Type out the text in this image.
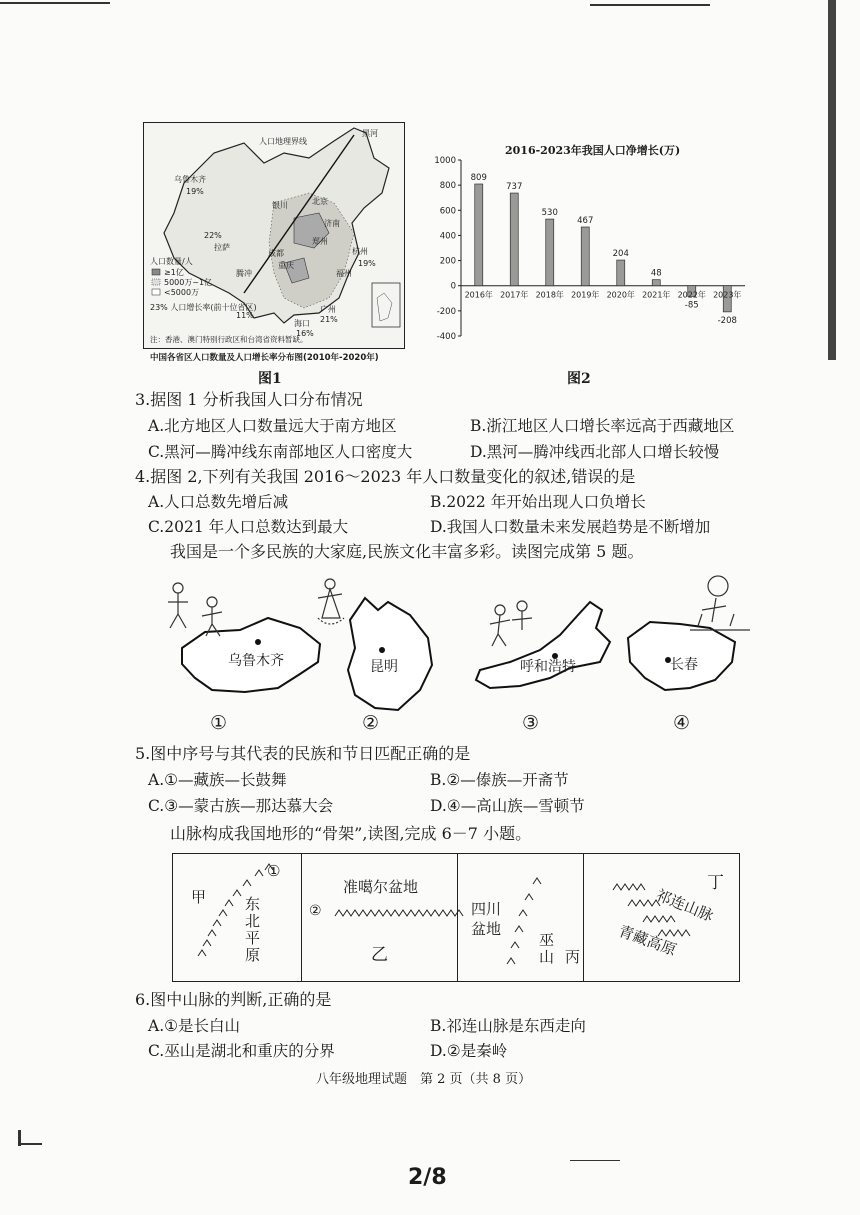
人口地理界线
黑河
乌鲁木齐
19%
银川	北京
济南
22%
拉萨
郑州
杭州
19%
成都
重庆
福州
腾冲
11%
广州
21%
海口
16%
人口数量/人
≥1亿
5000万~1亿
<5000万
23% 人口增长率(前十位省区)
注：香港、澳门特别行政区和台湾省资料暂缺。
中国各省区人口数量及人口增长率分布图(2010年-2020年)
图1
2016-2023年我国人口净增长(万)
1000
800
600
400
200
0
-200
-400
809
2016年
737
2017年
530
2018年
467
2019年
204
2020年
48
2021年
-85
2022年
-208
2023年
图2
3.据图 1 分析我国人口分布情况
A.北方地区人口数量远大于南方地区	B.浙江地区人口增长率远高于西藏地区
C.黑河—腾冲线东南部地区人口密度大	D.黑河—腾冲线西北部人口增长较慢
4.据图 2,下列有关我国 2016～2023 年人口数量变化的叙述,错误的是
A.人口总数先增后减	B.2022 年开始出现人口负增长
C.2021 年人口总数达到最大	D.我国人口数量未来发展趋势是不断增加
我国是一个多民族的大家庭,民族文化丰富多彩。读图完成第 5 题。
乌鲁木齐	昆明	呼和浩特	长春
①	②	③	④
5.图中序号与其代表的民族和节日匹配正确的是
A.①—藏族—长鼓舞	B.②—傣族—开斋节
C.③—蒙古族—那达慕大会	D.④—高山族—雪顿节
山脉构成我国地形的“骨架”,读图,完成 6－7 小题。
甲
①
东北平原
准噶尔盆地
②
乙
四川
盆地
巫山 丙
丁
祁连山脉
青藏高原
6.图中山脉的判断,正确的是
A.①是长白山	B.祁连山脉是东西走向
C.巫山是湖北和重庆的分界	D.②是秦岭
八年级地理试题　第 2 页（共 8 页）
2/8
